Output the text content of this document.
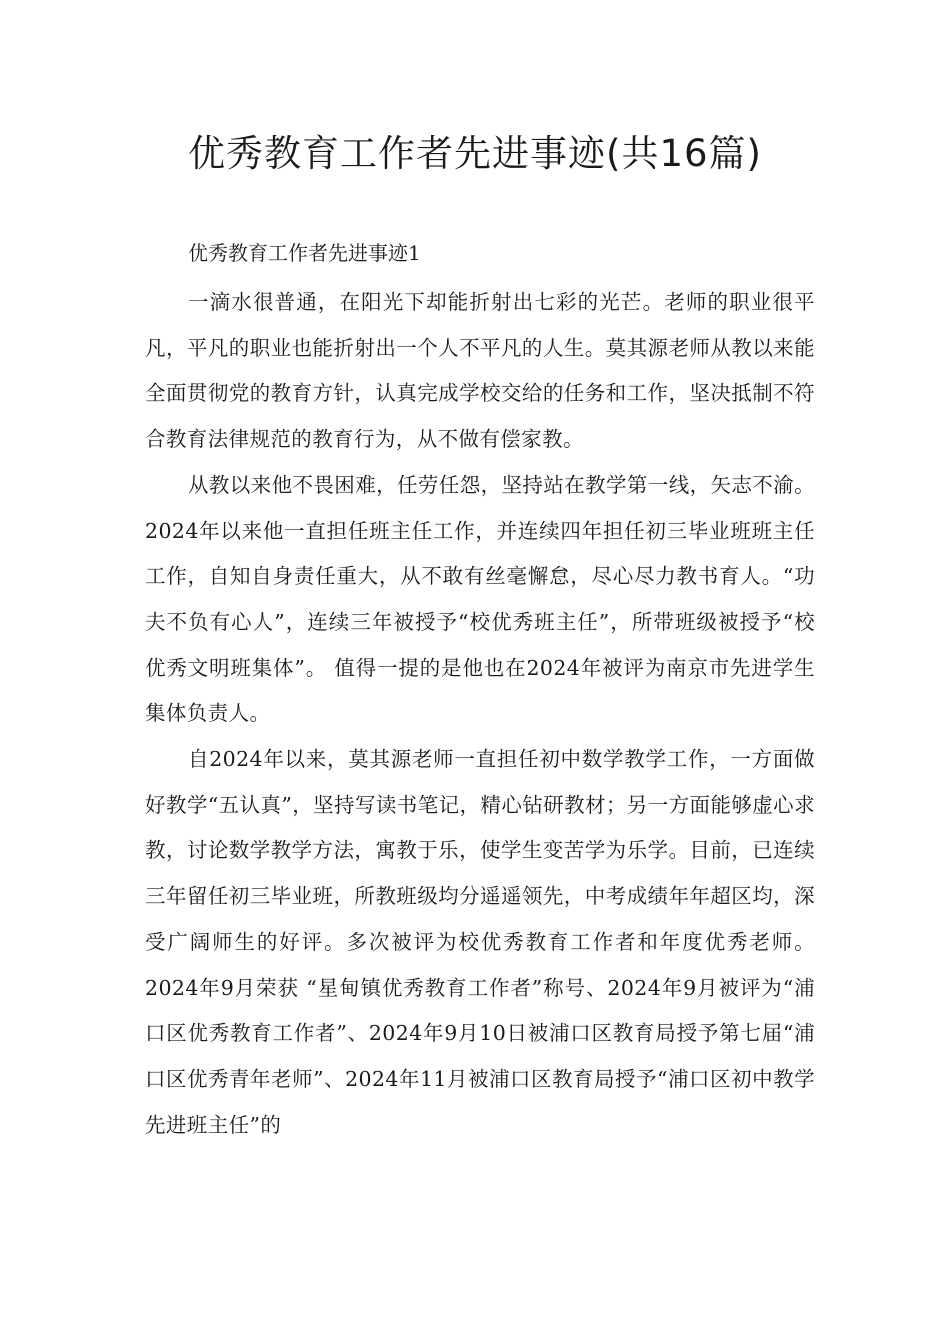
优秀教育工作者先进事迹(共16篇)

优秀教育工作者先进事迹1

一滴水很普通，在阳光下却能折射出七彩的光芒。老师的职业很平凡，平凡的职业也能折射出一个人不平凡的人生。莫其源老师从教以来能全面贯彻党的教育方针，认真完成学校交给的任务和工作，坚决抵制不符合教育法律规范的教育行为，从不做有偿家教。

从教以来他不畏困难，任劳任怨，坚持站在教学第一线，矢志不渝。2024年以来他一直担任班主任工作，并连续四年担任初三毕业班班主任工作，自知自身责任重大，从不敢有丝毫懈怠，尽心尽力教书育人。“功夫不负有心人”，连续三年被授予“校优秀班主任”，所带班级被授予“校优秀文明班集体”。 值得一提的是他也在2024年被评为南京市先进学生集体负责人。

自2024年以来，莫其源老师一直担任初中数学教学工作，一方面做好教学“五认真”，坚持写读书笔记，精心钻研教材；另一方面能够虚心求教，讨论数学教学方法，寓教于乐，使学生变苦学为乐学。目前，已连续三年留任初三毕业班，所教班级均分遥遥领先，中考成绩年年超区均，深受广阔师生的好评。多次被评为校优秀教育工作者和年度优秀老师。2024年9月荣获 “星甸镇优秀教育工作者”称号、2024年9月被评为“浦口区优秀教育工作者”、2024年9月10日被浦口区教育局授予第七届“浦口区优秀青年老师”、2024年11月被浦口区教育局授予“浦口区初中教学先进班主任”的
